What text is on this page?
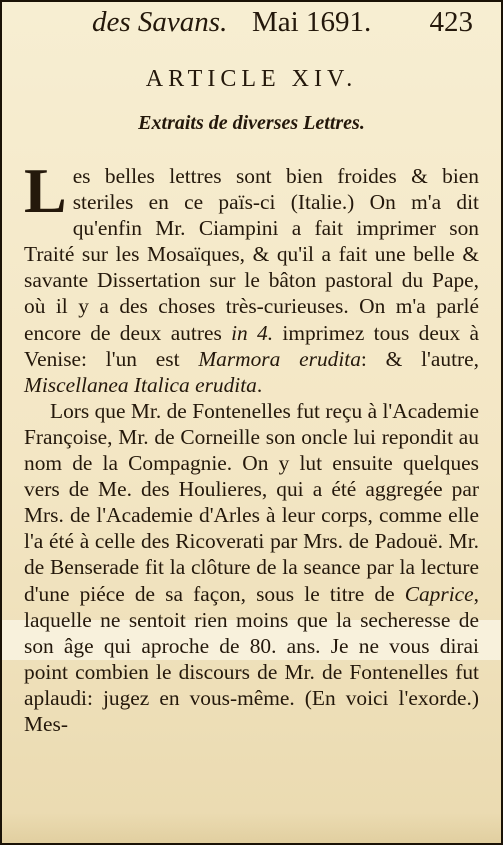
des Savans. Mai 1691. 423
ARTICLE XIV.
Extraits de diverses Lettres.

Les belles lettres sont bien froides & bien steriles en ce païs-ci (Italie.) On m'a dit qu'enfin Mr. Ciampini a fait imprimer son Traité sur les Mosaïques, & qu'il a fait une belle & savante Dissertation sur le bâton pastoral du Pape, où il y a des choses très-curieuses. On m'a parlé encore de deux autres in 4. imprimez tous deux à Venise: l'un est Marmora erudita: & l'autre, Miscellanea Italica erudita.

Lors que Mr. de Fontenelles fut reçu à l'Academie Françoise, Mr. de Corneille son oncle lui repondit au nom de la Compagnie. On y lut ensuite quelques vers de Me. des Houlieres, qui a été aggregée par Mrs. de l'Academie d'Arles à leur corps, comme elle l'a été à celle des Ricoverati par Mrs. de Padouë. Mr. de Benserade fit la clôture de la seance par la lecture d'une piéce de sa façon, sous le titre de Caprice, laquelle ne sentoit rien moins que la secheresse de son âge qui aproche de 80. ans. Je ne vous dirai point combien le discours de Mr. de Fontenelles fut aplaudi: jugez en vous-même. (En voici l'exorde.) Mes-
